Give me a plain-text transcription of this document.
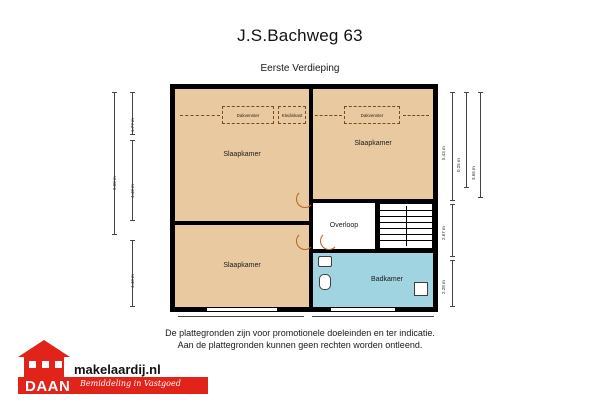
J.S.Bachweg 63
Eerste Verdieping
1.77 m
9.00 m
4.43 m
4.43 m
5.43 m
0.25 m
3.66 m
2.67 m
2.28 m
Slaapkamer
Slaapkamer
Slaapkamer
Overloop
Badkamer
Dakvenster	Kledinkast	Dakvenster
De plattegronden zijn voor promotionele doeleinden en ter indicatie.
Aan de plattegronden kunnen geen rechten worden ontleend.
DAAN
makelaardij.nl
Bemiddeling in Vastgoed
